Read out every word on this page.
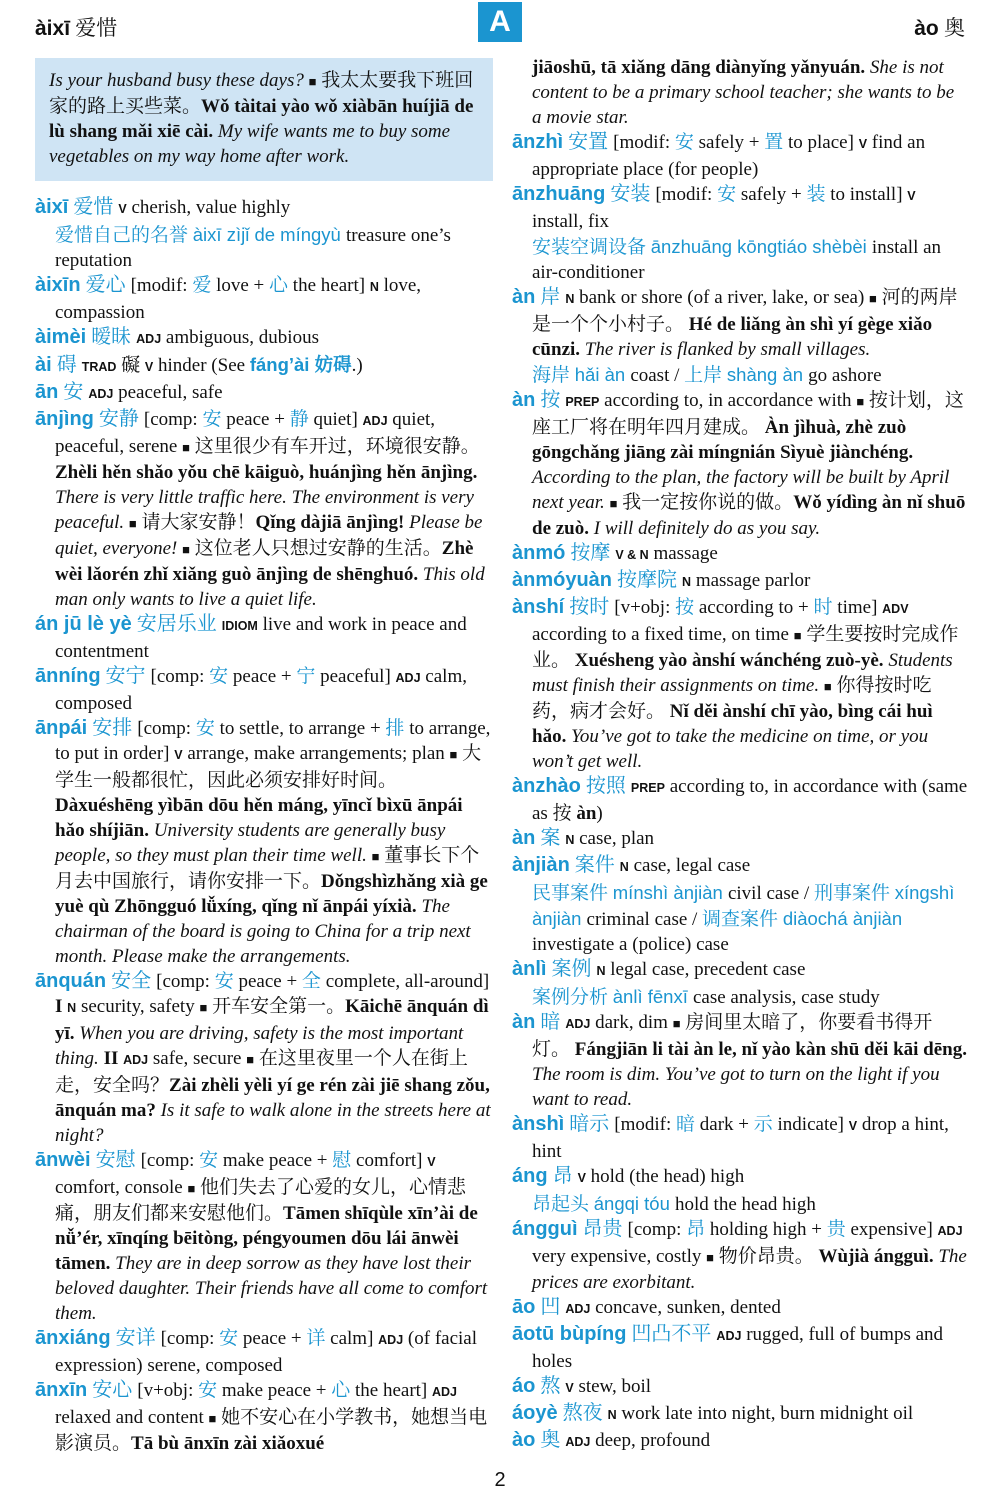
àixī 爱惜	A	ào 奥
Is your husband busy these days? ■ 我太太要我下班回家的路上买些菜。Wǒ tàitai yào wǒ xiàbān huíjiā de lù shang mǎi xiē cài. My wife wants me to buy some vegetables on my way home after work.

àixī 爱惜 V cherish, value highly

爱惜自己的名誉 àixī zìjǐ de míngyù treasure one’s reputation

àixīn 爱心 [modif: 爱 love + 心 the heart] N love, compassion

àimèi 暧昧 ADJ ambiguous, dubious

ài 碍 TRAD 礙 V hinder (See fáng’ài 妨碍.)

ān 安 ADJ peaceful, safe

ānjìng 安静 [comp: 安 peace + 静 quiet] ADJ quiet, peaceful, serene ■ 这里很少有车开过，环境很安静。Zhèli hěn shǎo yǒu chē kāiguò, huánjìng hěn ānjìng. There is very little traffic here. The environment is very peaceful. ■ 请大家安静！Qǐng dàjiā ānjìng! Please be quiet, everyone! ■ 这位老人只想过安静的生活。Zhè wèi lǎorén zhǐ xiǎng guò ānjìng de shēnghuó. This old man only wants to live a quiet life.

án jū lè yè 安居乐业 IDIOM live and work in peace and contentment

ānníng 安宁 [comp: 安 peace + 宁 peaceful] ADJ calm, composed

ānpái 安排 [comp: 安 to settle, to arrange + 排 to arrange, to put in order] V arrange, make arrangements; plan ■ 大学生一般都很忙，因此必须安排好时间。Dàxuéshēng yìbān dōu hěn máng, yīncǐ bìxū ānpái hǎo shíjiān. University students are generally busy people, so they must plan their time well. ■ 董事长下个月去中国旅行，请你安排一下。Dǒngshìzhǎng xià ge yuè qù Zhōngguó lǚxíng, qǐng nǐ ānpái yíxià. The chairman of the board is going to China for a trip next month. Please make the arrangements.

ānquán 安全 [comp: 安 peace + 全 complete, all-around] I N security, safety ■ 开车安全第一。Kāichē ānquán dì yī. When you are driving, safety is the most important thing. II ADJ safe, secure ■ 在这里夜里一个人在街上走，安全吗？Zài zhèli yèli yí ge rén zài jiē shang zǒu, ānquán ma? Is it safe to walk alone in the streets here at night?

ānwèi 安慰 [comp: 安 make peace + 慰 comfort] V comfort, console ■ 他们失去了心爱的女儿，心情悲痛，朋友们都来安慰他们。Tāmen shīqùle xīn’ài de nǚ’ér, xīnqíng bēitòng, péngyoumen dōu lái ānwèi tāmen. They are in deep sorrow as they have lost their beloved daughter. Their friends have all come to comfort them.

ānxiáng 安详 [comp: 安 peace + 详 calm] ADJ (of facial expression) serene, composed

ānxīn 安心 [v+obj: 安 make peace + 心 the heart] ADJ relaxed and content ■ 她不安心在小学教书，她想当电影演员。Tā bù ānxīn zài xiǎoxué

jiāoshū, tā xiǎng dāng diànyǐng yǎnyuán. She is not content to be a primary school teacher; she wants to be a movie star.

ānzhì 安置 [modif: 安 safely + 置 to place] V find an appropriate place (for people)

ānzhuāng 安装 [modif: 安 safely + 装 to install] V install, fix

安装空调设备 ānzhuāng kōngtiáo shèbèi install an air-conditioner

àn 岸 N bank or shore (of a river, lake, or sea) ■ 河的两岸是一个个小村子。 Hé de liǎng àn shì yí gège xiǎo cūnzi. The river is flanked by small villages.

海岸 hǎi àn coast / 上岸 shàng àn go ashore

àn 按 PREP according to, in accordance with ■ 按计划，这座工厂将在明年四月建成。 Àn jìhuà, zhè zuò gōngchǎng jiāng zài míngnián Sìyuè jiànchéng. According to the plan, the factory will be built by April next year. ■ 我一定按你说的做。Wǒ yídìng àn nǐ shuō de zuò. I will definitely do as you say.

ànmó 按摩 V & N massage

ànmóyuàn 按摩院 N massage parlor

ànshí 按时 [v+obj: 按 according to + 时 time] ADV according to a fixed time, on time ■ 学生要按时完成作业。 Xuésheng yào ànshí wánchéng zuò-yè. Students must finish their assignments on time. ■ 你得按时吃药，病才会好。 Nǐ děi ànshí chī yào, bìng cái huì hǎo. You’ve got to take the medicine on time, or you won’t get well.

ànzhào 按照 PREP according to, in accordance with (same as 按 àn)

àn 案 N case, plan

ànjiàn 案件 N case, legal case

民事案件 mínshì ànjiàn civil case / 刑事案件 xíngshì ànjiàn criminal case / 调查案件 diàochá ànjiàn investigate a (police) case

ànlì 案例 N legal case, precedent case

案例分析 ànlì fēnxī case analysis, case study

àn 暗 ADJ dark, dim ■ 房间里太暗了，你要看书得开灯。 Fángjiān li tài àn le, nǐ yào kàn shū děi kāi dēng. The room is dim. You’ve got to turn on the light if you want to read.

ànshì 暗示 [modif: 暗 dark + 示 indicate] V drop a hint, hint

áng 昂 V hold (the head) high

昂起头 ángqi tóu hold the head high

ángguì 昂贵 [comp: 昂 holding high + 贵 expensive] ADJ very expensive, costly ■ 物价昂贵。 Wùjià ángguì. The prices are exorbitant.

āo 凹 ADJ concave, sunken, dented

āotū bùpíng 凹凸不平 ADJ rugged, full of bumps and holes

áo 熬 V stew, boil

áoyè 熬夜 N work late into night, burn midnight oil

ào 奥 ADJ deep, profound

2
